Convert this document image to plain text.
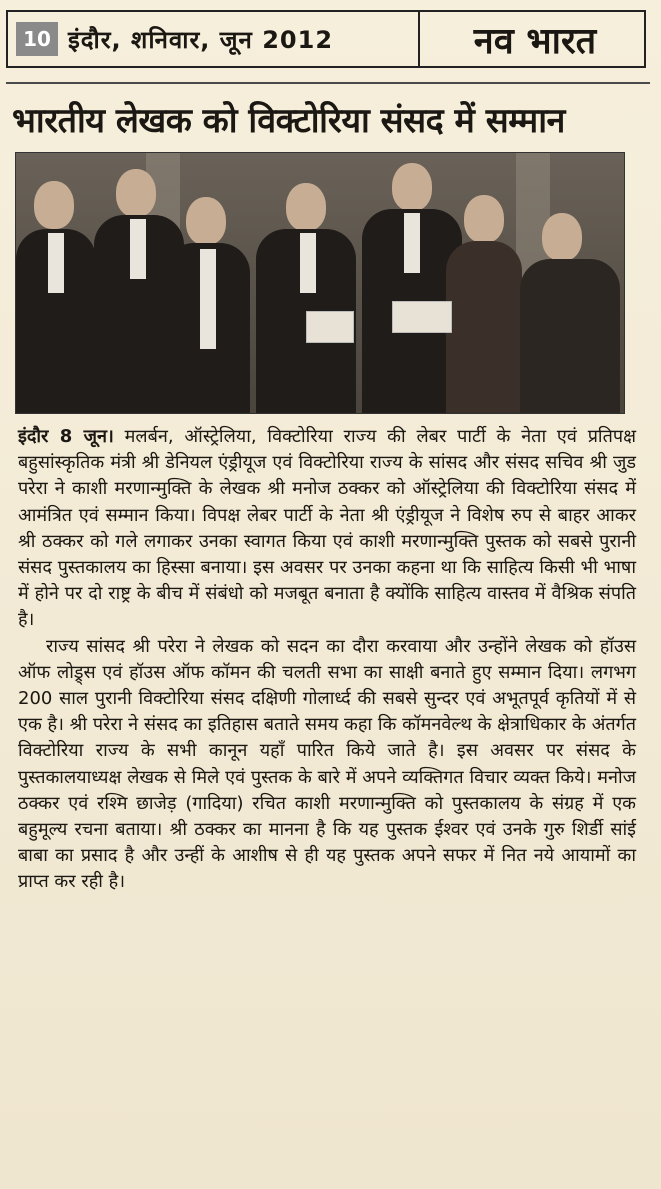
10 इंदौर, शनिवार, जून 2012	नव भारत
भारतीय लेखक को विक्टोरिया संसद में सम्मान

इंदौर 8 जून। मलर्बन, ऑस्ट्रेलिया, विक्टोरिया राज्य की लेबर पार्टी के नेता एवं प्रतिपक्ष बहुसांस्कृतिक मंत्री श्री डेनियल एंड्रीयूज एवं विक्टोरिया राज्य के सांसद और संसद सचिव श्री जुड परेरा ने काशी मरणान्मुक्ति के लेखक श्री मनोज ठक्कर को ऑस्ट्रेलिया की विक्टोरिया संसद में आमंत्रित एवं सम्मान किया। विपक्ष लेबर पार्टी के नेता श्री एंड्रीयूज ने विशेष रुप से बाहर आकर श्री ठक्कर को गले लगाकर उनका स्वागत किया एवं काशी मरणान्मुक्ति पुस्तक को सबसे पुरानी संसद पुस्तकालय का हिस्सा बनाया। इस अवसर पर उनका कहना था कि साहित्य किसी भी भाषा में होने पर दो राष्ट्र के बीच में संबंधो को मजबूत बनाता है क्योंकि साहित्य वास्तव में वैश्रिक संपति है।

राज्य सांसद श्री परेरा ने लेखक को सदन का दौरा करवाया और उन्होंने लेखक को हॉउस ऑफ लोड्र्स एवं हॉउस ऑफ कॉमन की चलती सभा का साक्षी बनाते हुए सम्मान दिया। लगभग 200 साल पुरानी विक्टोरिया संसद दक्षिणी गोलार्ध्द की सबसे सुन्दर एवं अभूतपूर्व कृतियों में से एक है। श्री परेरा ने संसद का इतिहास बताते समय कहा कि कॉमनवेल्थ के क्षेत्राधिकार के अंतर्गत विक्टोरिया राज्य के सभी कानून यहाँ पारित किये जाते है। इस अवसर पर संसद के पुस्तकालयाध्यक्ष लेखक से मिले एवं पुस्तक के बारे में अपने व्यक्तिगत विचार व्यक्त किये। मनोज ठक्कर एवं रश्मि छाजेड़ (गादिया) रचित काशी मरणान्मुक्ति को पुस्तकालय के संग्रह में एक बहुमूल्य रचना बताया। श्री ठक्कर का मानना है कि यह पुस्तक ईश्वर एवं उनके गुरु शिर्डी सांई बाबा का प्रसाद है और उन्हीं के आशीष से ही यह पुस्तक अपने सफर में नित नये आयामों का प्राप्त कर रही है।
